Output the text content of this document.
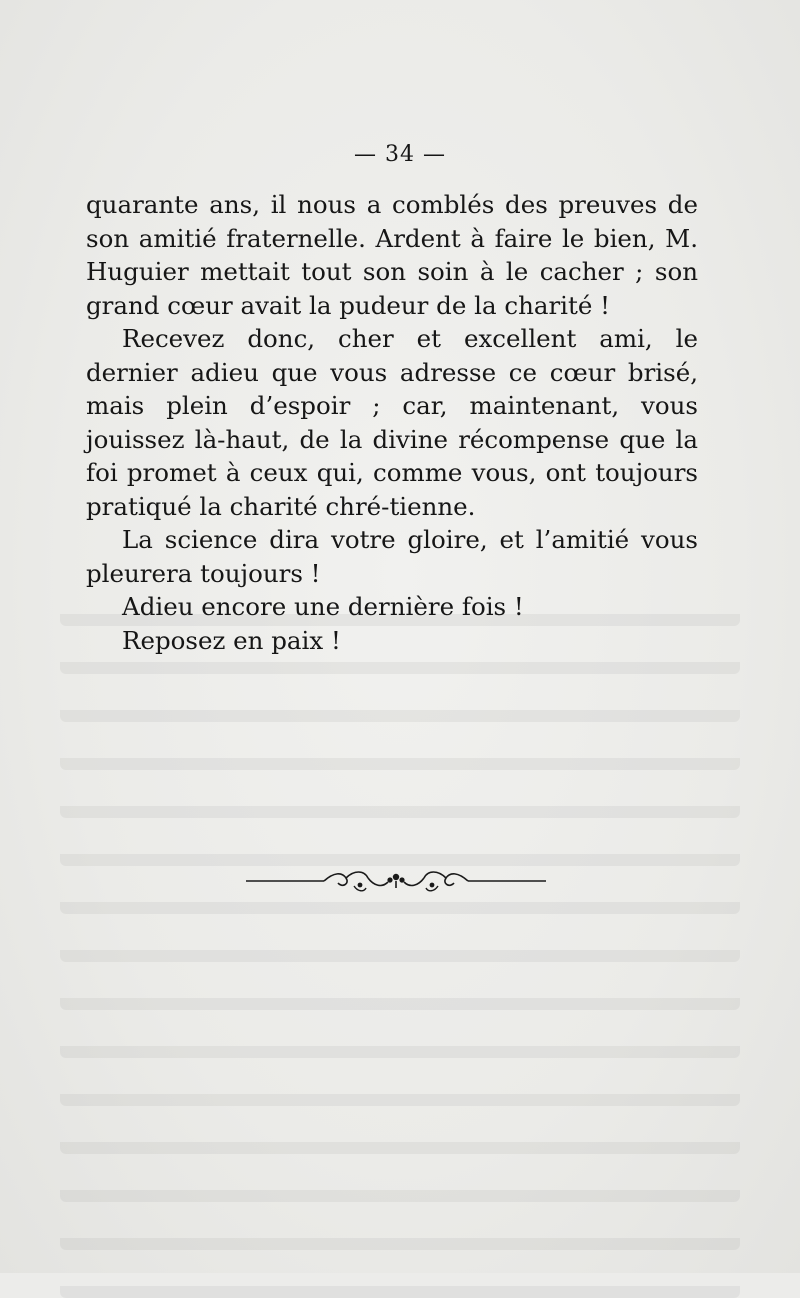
— 34 —

quarante ans, il nous a comblés des preuves de son amitié fraternelle. Ardent à faire le bien, M. Huguier mettait tout son soin à le cacher ; son grand cœur avait la pudeur de la charité !

Recevez donc, cher et excellent ami, le dernier adieu que vous adresse ce cœur brisé, mais plein d’espoir ; car, maintenant, vous jouissez là-haut, de la divine récompense que la foi promet à ceux qui, comme vous, ont toujours pratiqué la charité chré-tienne.

La science dira votre gloire, et l’amitié vous pleurera toujours !

Adieu encore une dernière fois !

Reposez en paix !
